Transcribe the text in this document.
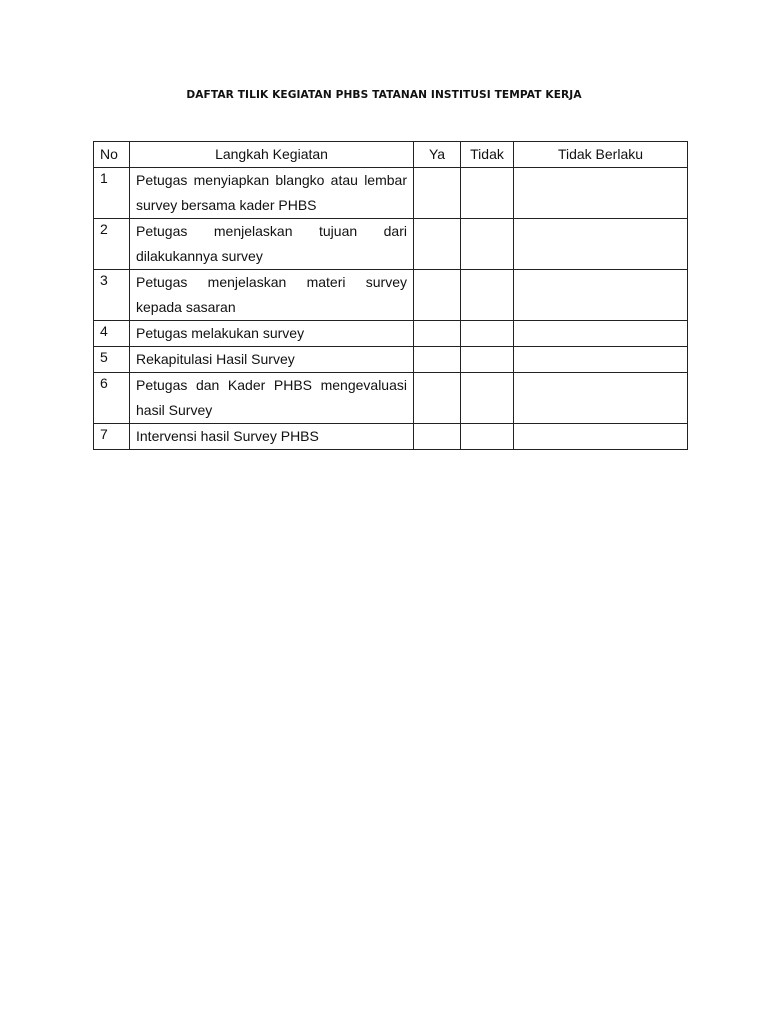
DAFTAR TILIK KEGIATAN PHBS TATANAN INSTITUSI TEMPAT KERJA
No	Langkah Kegiatan	Ya	Tidak	Tidak Berlaku
1	Petugas menyiapkan blangko atau lembar survey bersama kader PHBS			
2	Petugas menjelaskan tujuan dari dilakukannya survey			
3	Petugas menjelaskan materi survey kepada sasaran			
4	Petugas melakukan survey			
5	Rekapitulasi Hasil Survey			
6	Petugas dan Kader PHBS mengevaluasi hasil Survey			
7	Intervensi hasil Survey PHBS			
